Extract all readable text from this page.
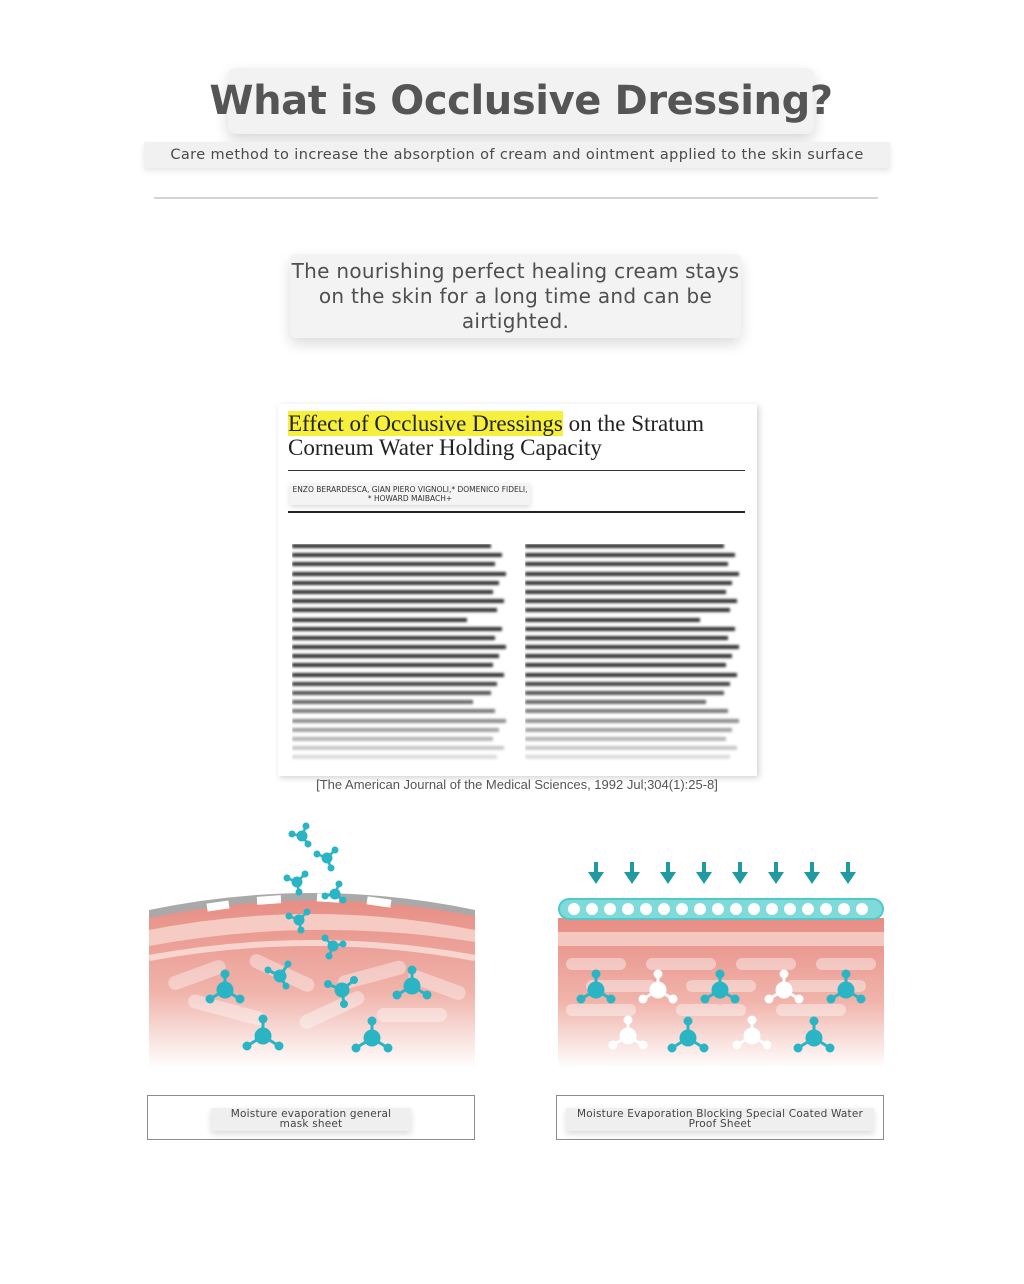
What is Occlusive Dressing?
Care method to increase the absorption of cream and ointment applied to the skin surface

The nourishing perfect healing cream stays on the skin for a long time and can be airtighted.

Effect of Occlusive Dressings on the Stratum Corneum Water Holding Capacity
ENZO BERARDESCA, GIAN PIERO VIGNOLI,* DOMENICO FIDELI, * HOWARD MAIBACH+
[The American Journal of the Medical Sciences, 1992 Jul;304(1):25-8]
Moisture evaporation general mask sheet
Moisture Evaporation Blocking Special Coated Water Proof Sheet
